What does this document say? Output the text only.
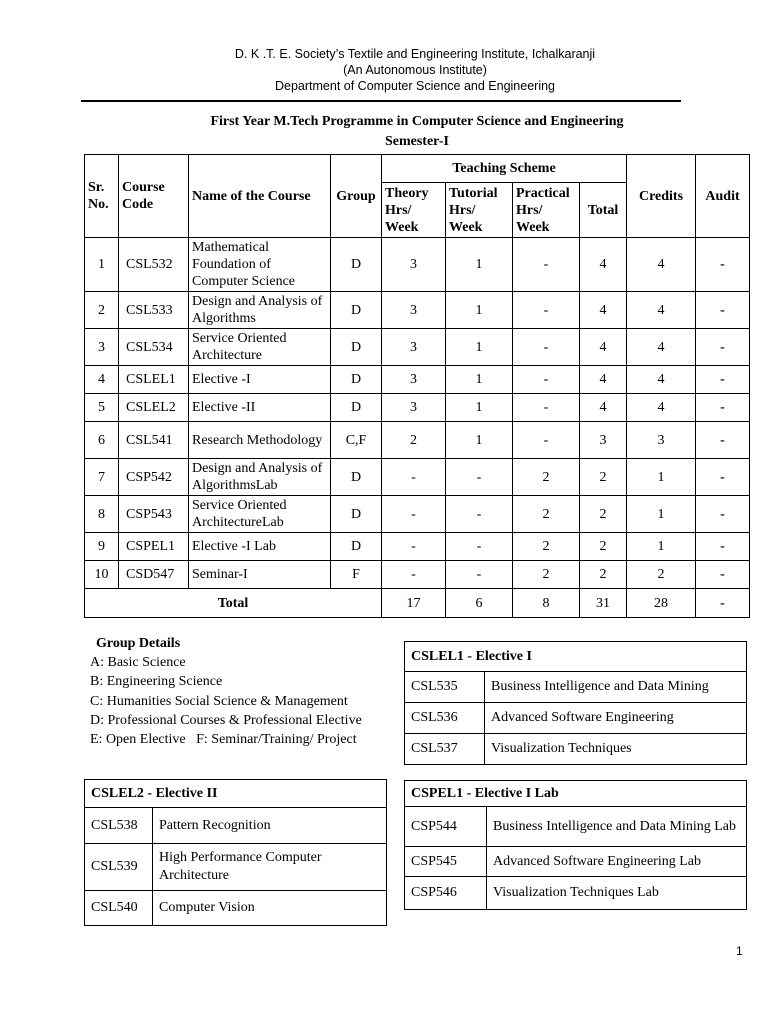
D. K .T. E. Society’s Textile and Engineering Institute, Ichalkaranji
(An Autonomous Institute)
Department of Computer Science and Engineering
First Year M.Tech Programme in Computer Science and Engineering
Semester-I
Sr. No.	Course Code	Name of the Course	Group	Teaching Scheme				Credits	Audit
				Theory Hrs/ Week	Tutorial Hrs/ Week	Practical Hrs/ Week	Total		
1	CSL532	Mathematical Foundation of Computer Science	D	3	1	-	4	4	-
2	CSL533	Design and Analysis of Algorithms	D	3	1	-	4	4	-
3	CSL534	Service Oriented Architecture	D	3	1	-	4	4	-
4	CSLEL1	Elective -I	D	3	1	-	4	4	-
5	CSLEL2	Elective -II	D	3	1	-	4	4	-
6	CSL541	Research Methodology	C,F	2	1	-	3	3	-
7	CSP542	Design and Analysis of AlgorithmsLab	D	-	-	2	2	1	-
8	CSP543	Service Oriented ArchitectureLab	D	-	-	2	2	1	-
9	CSPEL1	Elective -I Lab	D	-	-	2	2	1	-
10	CSD547	Seminar-I	F	-	-	2	2	2	-
Total				17	6	8	31	28	-
Group Details
A: Basic Science
B: Engineering Science
C: Humanities Social Science & Management
D: Professional Courses & Professional Elective
E: Open Elective   F: Seminar/Training/ Project
CSLEL1 - Elective I	
CSL535	Business Intelligence and Data Mining
CSL536	Advanced Software Engineering
CSL537	Visualization Techniques
CSLEL2 - Elective II	
CSL538	Pattern Recognition
CSL539	High Performance Computer Architecture
CSL540	Computer Vision
CSPEL1 - Elective I Lab	
CSP544	Business Intelligence and Data Mining Lab
CSP545	Advanced Software Engineering Lab
CSP546	Visualization Techniques Lab
1
